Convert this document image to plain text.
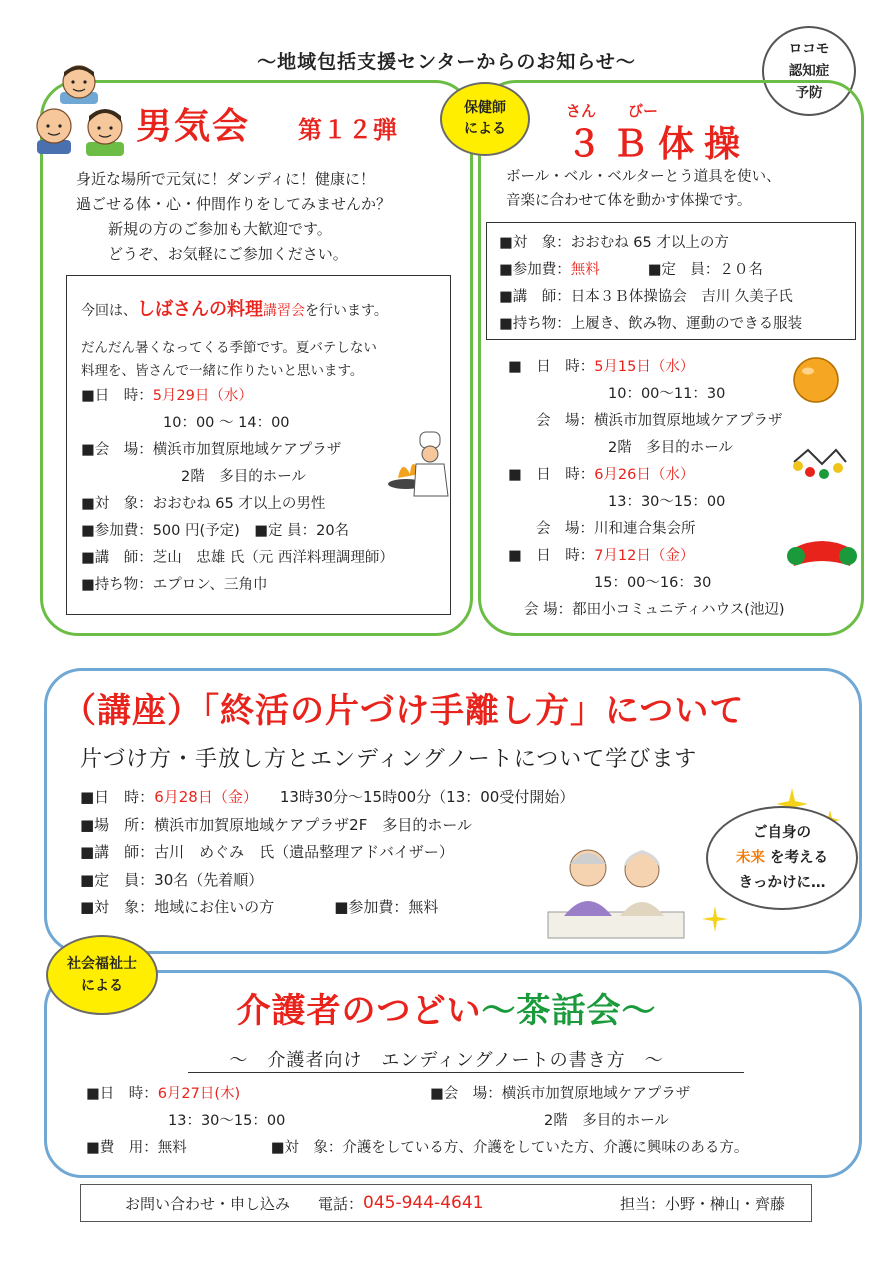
～地域包括支援センターからのお知らせ～
ロコモ
認知症
予防
男気会 第１２弾
身近な場所で元気に！ダンディに！健康に！
過ごせる体・心・仲間作りをしてみませんか？
新規の方のご参加も大歓迎です。
どうぞ、お気軽にご参加ください。
今回は、しばさんの料理講習会を行います。
だんだん暑くなってくる季節です。夏バテしない
料理を、皆さんで一緒に作りたいと思います。
■日　時：5月29日（水）
10：00 ～ 14：00
■会　場：横浜市加賀原地域ケアプラザ
2階　多目的ホール
■対　象：おおむね 65 才以上の男性
■参加費：500 円(予定)　■定 員：20名
■講　師：芝山　忠雄 氏（元 西洋料理調理師）
■持ち物：エプロン、三角巾
保健師
による
さん びー
３Ｂ体操
ボール・ベル・ベルターとう道具を使い、
音楽に合わせて体を動かす体操です。
■対　象：おおむね 65 才以上の方
■参加費：無料	■定　員：２０名
■講　師：日本３Ｂ体操協会　吉川 久美子氏
■持ち物：上履き、飲み物、運動のできる服装
■　日　時：5月15日（水）
10：00～11：30
会　場：横浜市加賀原地域ケアプラザ
2階　多目的ホール
■　日　時：6月26日（水）
13：30～15：00
会　場：川和連合集会所
■　日　時：7月12日（金）
15：00～16：30
会 場：都田小コミュニティハウス(池辺)
（講座）「終活の片づけ手離し方」について
片づけ方・手放し方とエンディングノートについて学びます
■日　時：6月28日（金） 13時30分～15時00分（13：00受付開始）
■場　所：横浜市加賀原地域ケアプラザ2F　多目的ホール
■講　師：古川　めぐみ　氏（遺品整理アドバイザー）
■定　員：30名（先着順）
■対　象：地域にお住いの方	■参加費：無料
ご自身の
未来 を考える
きっかけに…
社会福祉士
による
介護者のつどい～茶話会～
～　介護者向け　エンディングノートの書き方　～
■日　時：6月27日(木)
13：30～15：00
■会　場：横浜市加賀原地域ケアプラザ
2階　多目的ホール
■費　用：無料	■対　象：介護をしている方、介護をしていた方、介護に興味のある方。
お問い合わせ・申し込み 電話： 045-944-4641	担当：小野・榊山・齊藤
